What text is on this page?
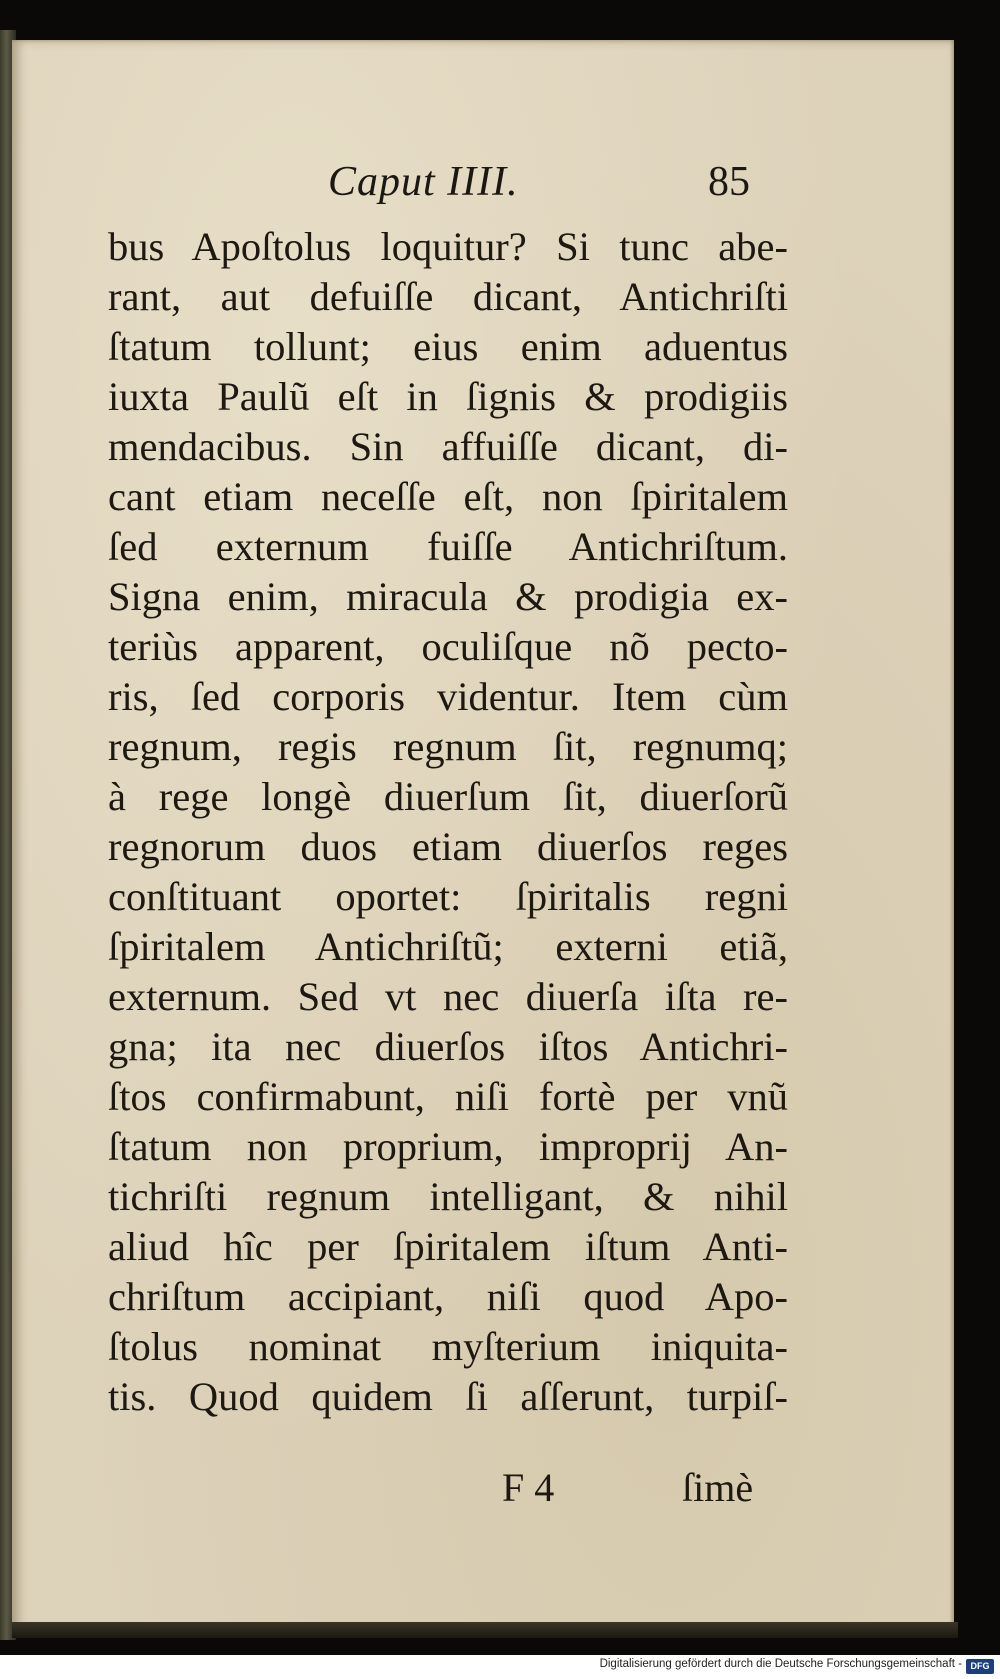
Caput IIII.	85
bus Apoſtolus loquitur? Si tunc abe-
rant, aut defuiſſe dicant, Antichriſti
ſtatum tollunt; eius enim aduentus
iuxta Paulũ eſt in ſignis & prodigiis
mendacibus. Sin affuiſſe dicant, di-
cant etiam neceſſe eſt, non ſpiritalem
ſed externum fuiſſe Antichriſtum.
Signa enim, miracula & prodigia ex-
teriùs apparent, oculiſque nõ pecto-
ris, ſed corporis videntur. Item cùm
regnum, regis regnum ſit, regnumq;
à rege longè diuerſum ſit, diuerſorũ
regnorum duos etiam diuerſos reges
conſtituant oportet: ſpiritalis regni
ſpiritalem Antichriſtũ; externi etiã,
externum. Sed vt nec diuerſa iſta re-
gna; ita nec diuerſos iſtos Antichri-
ſtos confirmabunt, niſi fortè per vnũ
ſtatum non proprium, improprij An-
tichriſti regnum intelligant, & nihil
aliud hîc per ſpiritalem iſtum Anti-
chriſtum accipiant, niſi quod Apo-
ſtolus nominat myſterium iniquita-
tis. Quod quidem ſi aſſerunt, turpiſ-
F 4	ſimè
Digitalisierung gefördert durch die Deutsche Forschungsgemeinschaft - DFG
